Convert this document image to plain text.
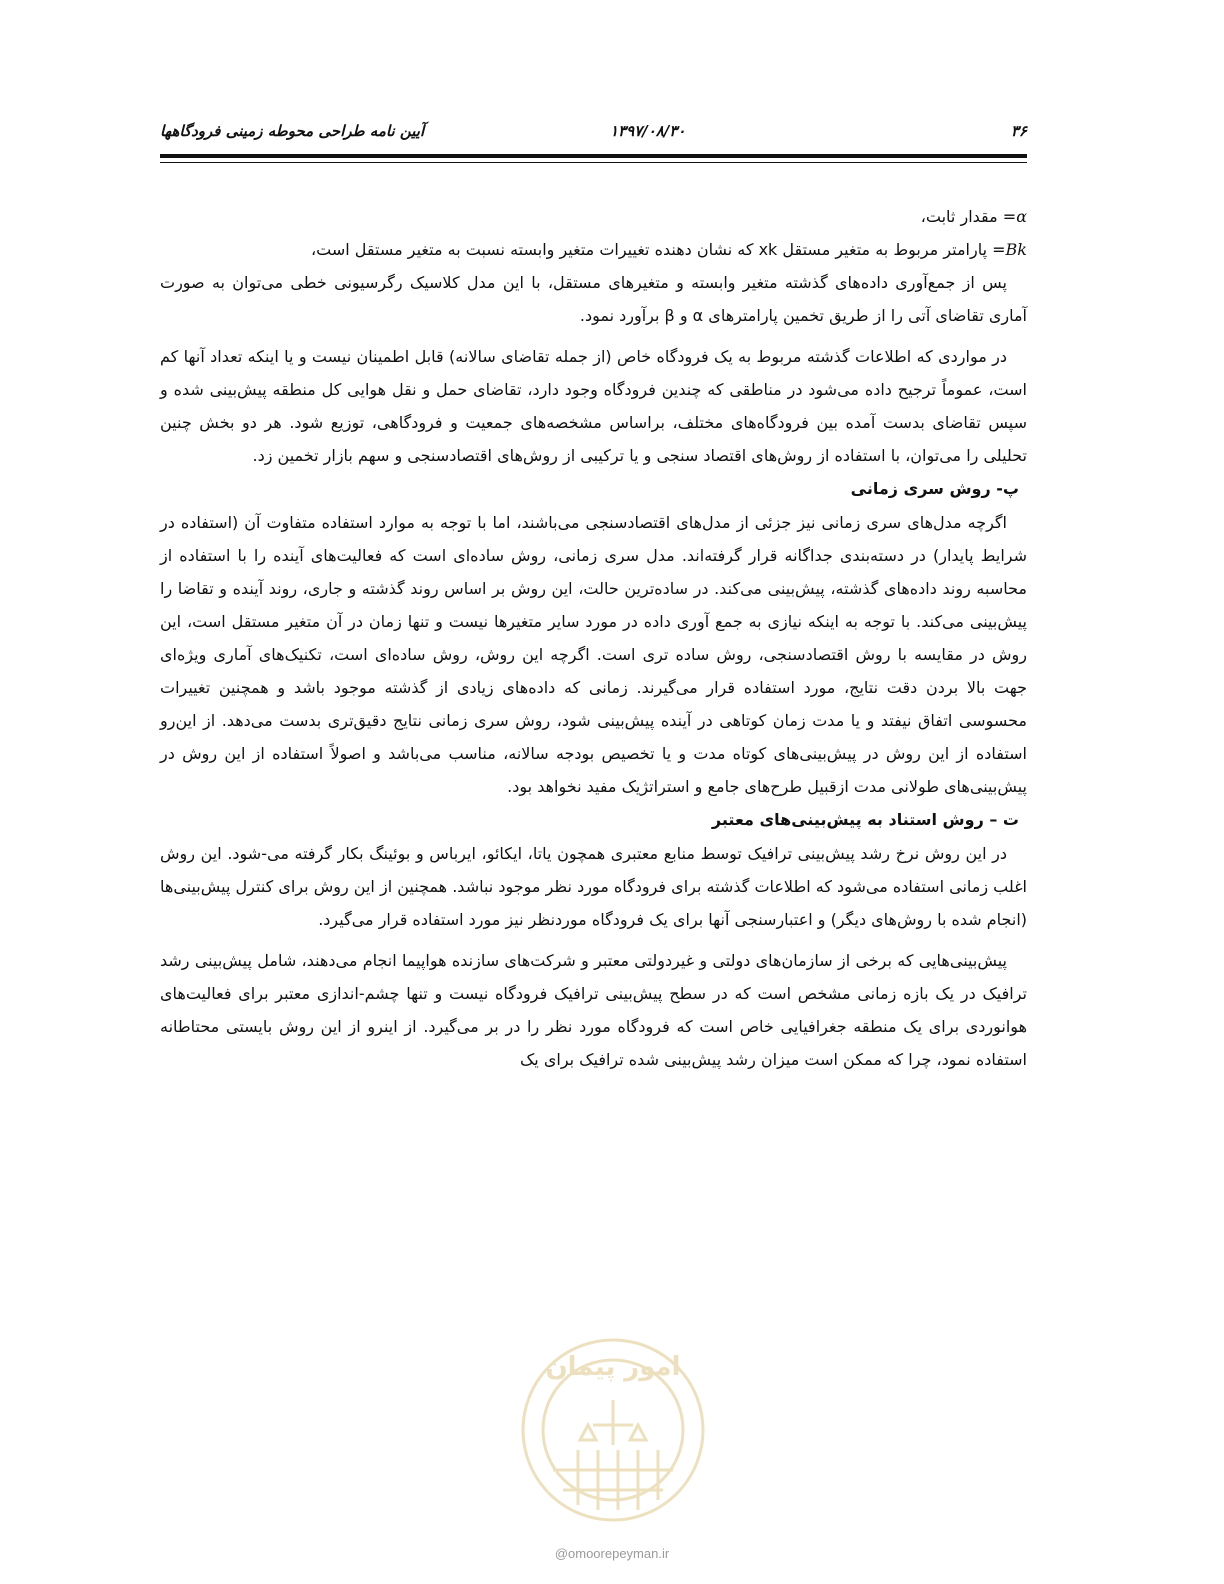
۳۶
۱۳۹۷/۰۸/۳۰
آیین نامه طراحی محوطه زمینی فرودگاهها
α= مقدار ثابت،
Bk= پارامتر مربوط به متغیر مستقل xk که نشان دهنده تغییرات متغیر وابسته نسبت به متغیر مستقل است،

پس از جمع‌آوری داده‌های گذشته متغیر وابسته و متغیرهای مستقل، با این مدل کلاسیک رگرسیونی خطی می‌توان به صورت آماری تقاضای آتی را از طریق تخمین پارامترهای α و β برآورد نمود.

در مواردی که اطلاعات گذشته مربوط به یک فرودگاه خاص (از جمله تقاضای سالانه) قابل اطمینان نیست و یا اینکه تعداد آنها کم است، عموماً ترجیح داده می‌شود در مناطقی که چندین فرودگاه وجود دارد، تقاضای حمل و نقل هوایی کل منطقه پیش‌بینی شده و سپس تقاضای بدست آمده بین فرودگاه‌های مختلف، براساس مشخصه‌های جمعیت و فرودگاهی، توزیع شود. هر دو بخش چنین تحلیلی را می‌توان، با استفاده از روش‌های اقتصاد سنجی و یا ترکیبی از روش‌های اقتصادسنجی و سهم بازار تخمین زد.

پ- روش سری زمانی

اگرچه مدل‌های سری زمانی نیز جزئی از مدل‌های اقتصادسنجی می‌باشند، اما با توجه به موارد استفاده متفاوت آن (استفاده در شرایط پایدار) در دسته‌بندی جداگانه قرار گرفته‌اند. مدل سری زمانی، روش ساده‌ای است که فعالیت‌های آینده را با استفاده از محاسبه روند داده‌های گذشته، پیش‌بینی می‌کند. در ساده‌ترین حالت، این روش بر اساس روند گذشته و جاری، روند آینده و تقاضا را پیش‌بینی می‌کند. با توجه به اینکه نیازی به جمع آوری داده در مورد سایر متغیرها نیست و تنها زمان در آن متغیر مستقل است، این روش در مقایسه با روش اقتصادسنجی، روش ساده تری است. اگرچه این روش، روش ساده‌ای است، تکنیک‌های آماری ویژه‌ای جهت بالا بردن دقت نتایج، مورد استفاده قرار می‌گیرند. زمانی که داده‌های زیادی از گذشته موجود باشد و همچنین تغییرات محسوسی اتفاق نیفتد و یا مدت زمان کوتاهی در آینده پیش‌بینی شود، روش سری زمانی نتایج دقیق‌تری بدست می‌دهد. از این‌رو استفاده از این روش در پیش‌بینی‌های کوتاه مدت و یا تخصیص بودجه سالانه، مناسب می‌باشد و اصولاً استفاده از این روش در پیش‌بینی‌های طولانی مدت ازقبیل طرح‌های جامع و استراتژیک مفید نخواهد بود.

ت – روش استناد به پیش‌بینی‌های معتبر

در این روش نرخ رشد پیش‌بینی ترافیک توسط منابع معتبری همچون یاتا، ایکائو، ایرباس و بوئینگ بکار گرفته می-شود. این روش اغلب زمانی استفاده می‌شود که اطلاعات گذشته برای فرودگاه مورد نظر موجود نباشد. همچنین از این روش برای کنترل پیش‌بینی‌ها (انجام شده با روش‌های دیگر) و اعتبارسنجی آنها برای یک فرودگاه موردنظر نیز مورد استفاده قرار می‌گیرد.

پیش‌بینی‌هایی که برخی از سازمان‌های دولتی و غیردولتی معتبر و شرکت‌های سازنده هواپیما انجام می‌دهند، شامل پیش‌بینی رشد ترافیک در یک بازه زمانی مشخص است که در سطح پیش‌بینی ترافیک فرودگاه نیست و تنها چشم-اندازی معتبر برای فعالیت‌های هوانوردی برای یک منطقه جغرافیایی خاص است که فرودگاه مورد نظر را در بر می‌گیرد. از اینرو از این روش بایستی محتاطانه استفاده نمود، چرا که ممکن است میزان رشد پیش‌بینی شده ترافیک برای یک

امور پیمان
@omoorepeyman.ir
